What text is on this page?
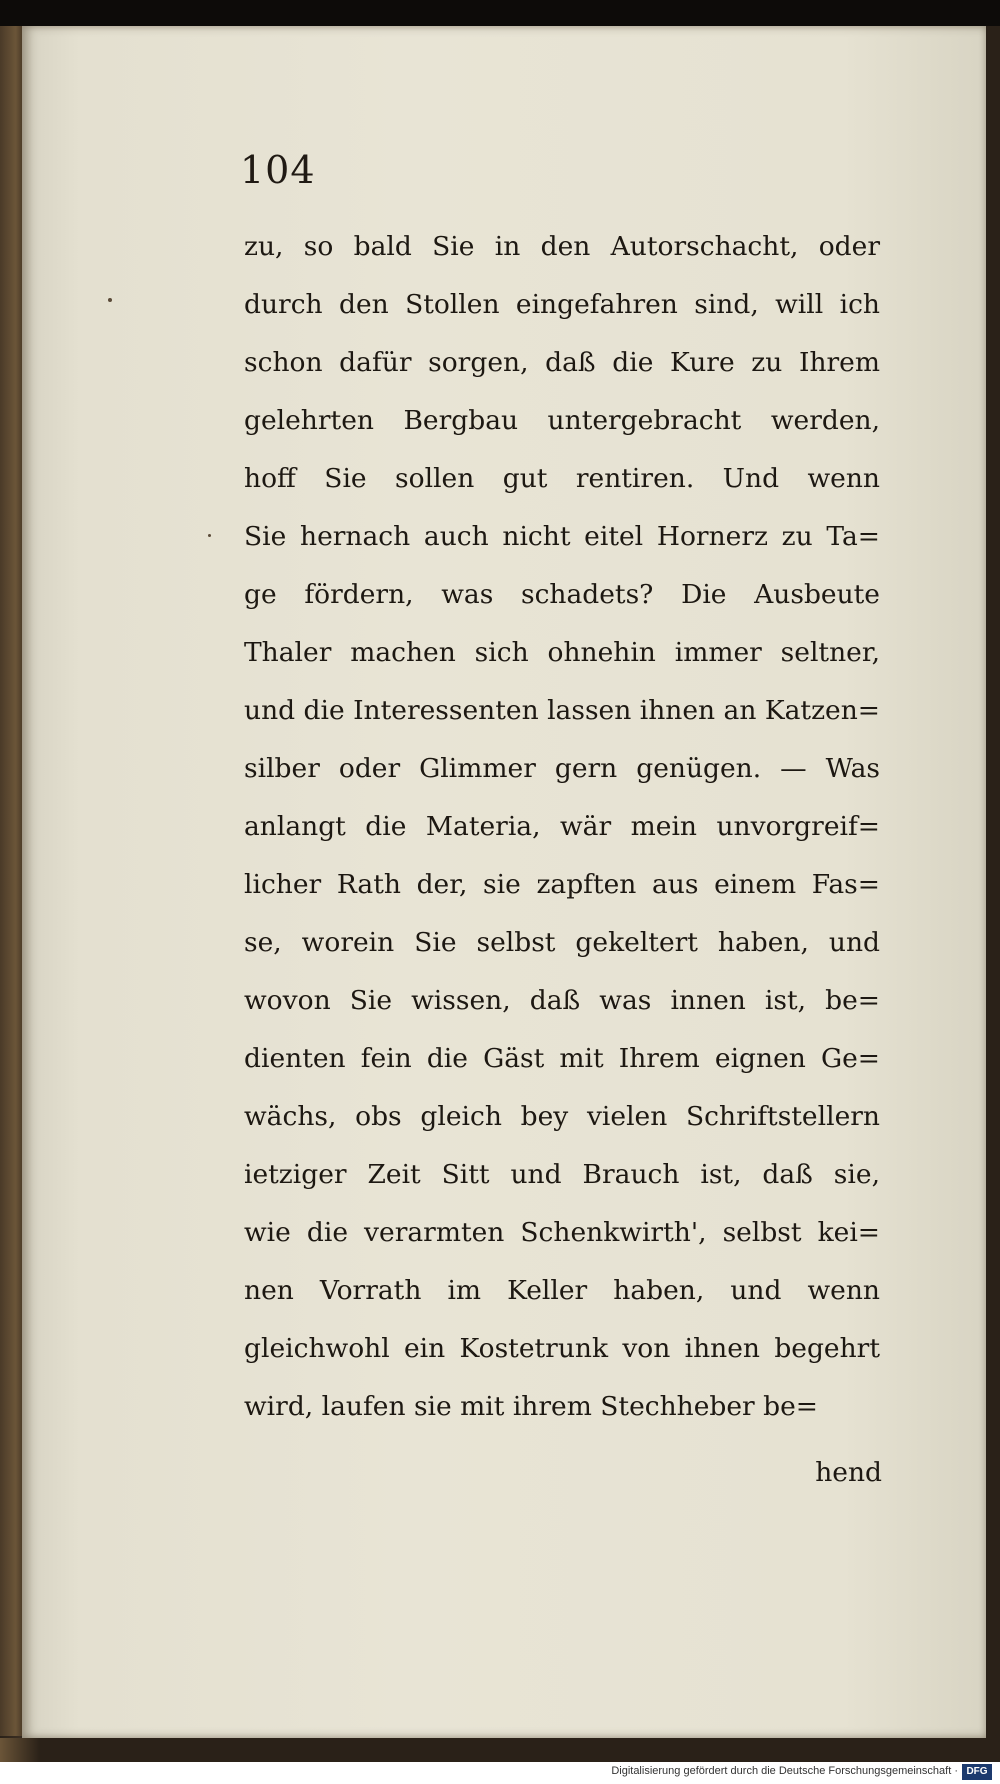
104
zu, so bald Sie in den Autorschacht, oder
durch den Stollen eingefahren sind, will ich
schon dafür sorgen, daß die Kure zu Ihrem
gelehrten Bergbau untergebracht werden,
hoff Sie sollen gut rentiren. Und wenn
Sie hernach auch nicht eitel Hornerz zu Ta=
ge fördern, was schadets? Die Ausbeute
Thaler machen sich ohnehin immer seltner,
und die Interessenten lassen ihnen an Katzen=
silber oder Glimmer gern genügen. — Was
anlangt die Materia, wär mein unvorgreif=
licher Rath der, sie zapften aus einem Fas=
se, worein Sie selbst gekeltert haben, und
wovon Sie wissen, daß was innen ist, be=
dienten fein die Gäst mit Ihrem eignen Ge=
wächs, obs gleich bey vielen Schriftstellern
ietziger Zeit Sitt und Brauch ist, daß sie,
wie die verarmten Schenkwirth', selbst kei=
nen Vorrath im Keller haben, und wenn
gleichwohl ein Kostetrunk von ihnen begehrt
wird, laufen sie mit ihrem Stechheber be=
hend
Digitalisierung gefördert durch die Deutsche Forschungsgemeinschaft · DFG
